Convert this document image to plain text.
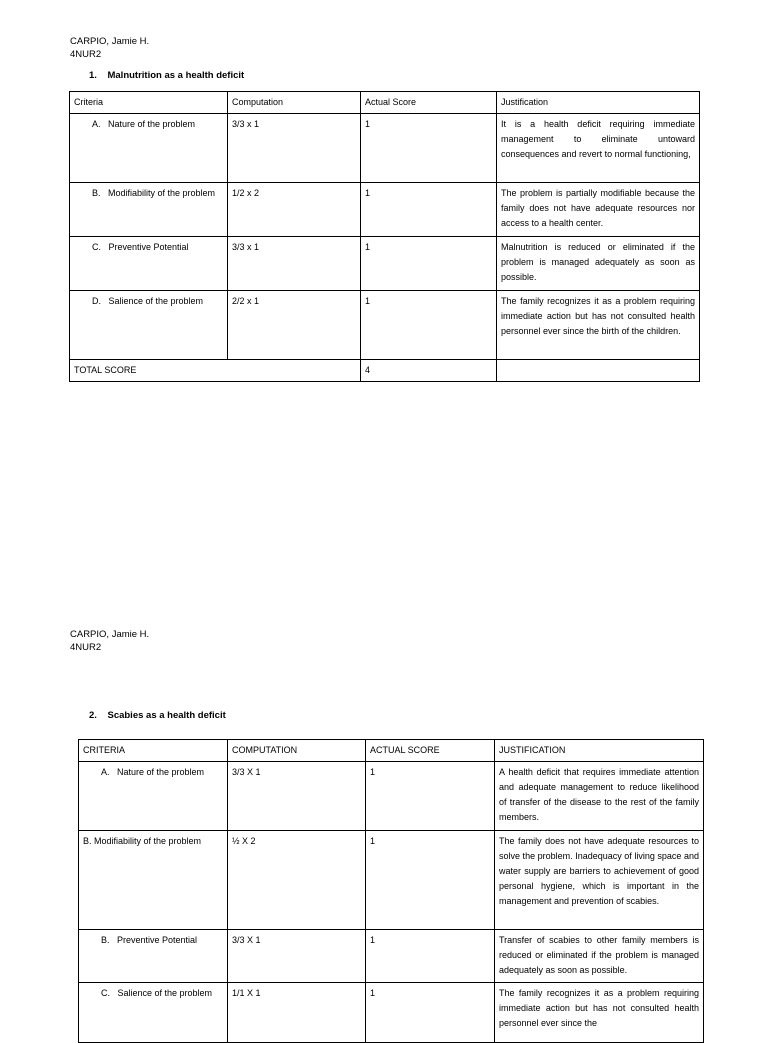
CARPIO, Jamie H.
4NUR2
1.    Malnutrition as a health deficit
Criteria	Computation	Actual Score	Justification
A.   Nature of the problem	3/3 x 1	1	It is a health deficit requiring immediate management to eliminate untoward consequences and revert to normal functioning,
B.   Modifiability of the problem	1/2 x 2	1	The problem is partially modifiable because the family does not have adequate resources nor access to a health center.
C.   Preventive Potential	3/3 x 1	1	Malnutrition is reduced or eliminated if the problem is managed adequately as soon as possible.
D.   Salience of the problem	2/2 x 1	1	The family recognizes it as a problem requiring immediate action but has not consulted health personnel ever since the birth of the children.
TOTAL SCORE		4	
CARPIO, Jamie H.
4NUR2
2.    Scabies as a health deficit
CRITERIA	COMPUTATION	ACTUAL SCORE	JUSTIFICATION
A.   Nature of the problem	3/3 X 1	1	A health deficit that requires immediate attention and adequate management to reduce likelihood of transfer of the disease to the rest of the family members.
B. Modifiability of the problem	½ X 2	1	The family does not have adequate resources to solve the problem. Inadequacy of living space and water supply are barriers to achievement of good personal hygiene, which is important in the management and prevention of scabies.
B.   Preventive Potential	3/3 X 1	1	Transfer of scabies to other family members is reduced or eliminated if the problem is managed adequately as soon as possible.
C.   Salience of the problem	1/1 X 1	1	The family recognizes it as a problem requiring immediate action but has not consulted health personnel ever since the
